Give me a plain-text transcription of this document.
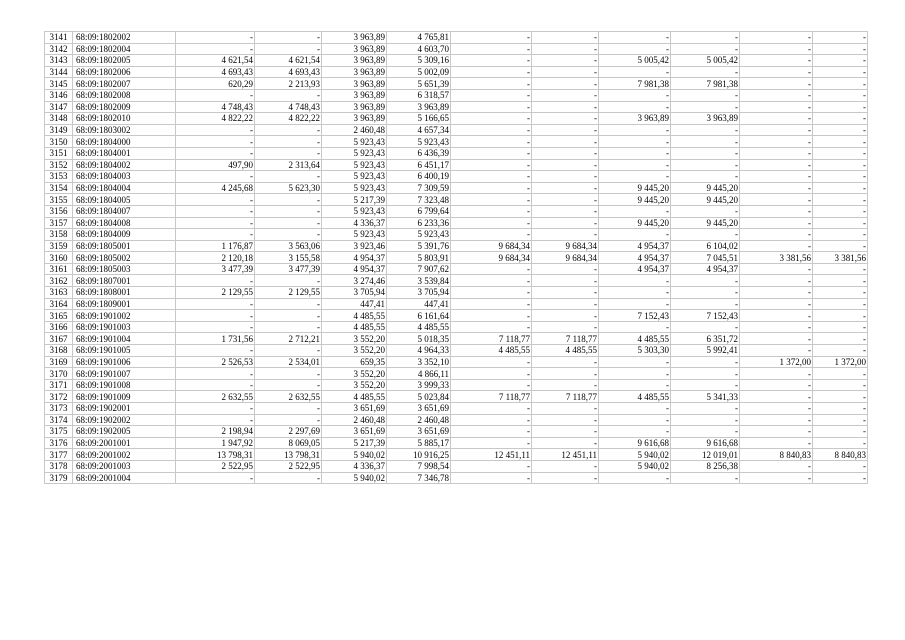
3141	68:09:1802002	-	-	3 963,89	4 765,81	-	-	-	-	-	-
3142	68:09:1802004	-	-	3 963,89	4 603,70	-	-	-	-	-	-
3143	68:09:1802005	4 621,54	4 621,54	3 963,89	5 309,16	-	-	5 005,42	5 005,42	-	-
3144	68:09:1802006	4 693,43	4 693,43	3 963,89	5 002,09	-	-	-	-	-	-
3145	68:09:1802007	620,29	2 213,93	3 963,89	5 651,39	-	-	7 981,38	7 981,38	-	-
3146	68:09:1802008	-	-	3 963,89	6 318,57	-	-	-	-	-	-
3147	68:09:1802009	4 748,43	4 748,43	3 963,89	3 963,89	-	-	-	-	-	-
3148	68:09:1802010	4 822,22	4 822,22	3 963,89	5 166,65	-	-	3 963,89	3 963,89	-	-
3149	68:09:1803002	-	-	2 460,48	4 657,34	-	-	-	-	-	-
3150	68:09:1804000	-	-	5 923,43	5 923,43	-	-	-	-	-	-
3151	68:09:1804001	-	-	5 923,43	6 436,39	-	-	-	-	-	-
3152	68:09:1804002	497,90	2 313,64	5 923,43	6 451,17	-	-	-	-	-	-
3153	68:09:1804003	-	-	5 923,43	6 400,19	-	-	-	-	-	-
3154	68:09:1804004	4 245,68	5 623,30	5 923,43	7 309,59	-	-	9 445,20	9 445,20	-	-
3155	68:09:1804005	-	-	5 217,39	7 323,48	-	-	9 445,20	9 445,20	-	-
3156	68:09:1804007	-	-	5 923,43	6 799,64	-	-	-	-	-	-
3157	68:09:1804008	-	-	4 336,37	6 233,36	-	-	9 445,20	9 445,20	-	-
3158	68:09:1804009	-	-	5 923,43	5 923,43	-	-	-	-	-	-
3159	68:09:1805001	1 176,87	3 563,06	3 923,46	5 391,76	9 684,34	9 684,34	4 954,37	6 104,02	-	-
3160	68:09:1805002	2 120,18	3 155,58	4 954,37	5 803,91	9 684,34	9 684,34	4 954,37	7 045,51	3 381,56	3 381,56
3161	68:09:1805003	3 477,39	3 477,39	4 954,37	7 907,62	-	-	4 954,37	4 954,37	-	-
3162	68:09:1807001	-	-	3 274,46	3 539,84	-	-	-	-	-	-
3163	68:09:1808001	2 129,55	2 129,55	3 705,94	3 705,94	-	-	-	-	-	-
3164	68:09:1809001	-	-	447,41	447,41	-	-	-	-	-	-
3165	68:09:1901002	-	-	4 485,55	6 161,64	-	-	7 152,43	7 152,43	-	-
3166	68:09:1901003	-	-	4 485,55	4 485,55	-	-	-	-	-	-
3167	68:09:1901004	1 731,56	2 712,21	3 552,20	5 018,35	7 118,77	7 118,77	4 485,55	6 351,72	-	-
3168	68:09:1901005	-	-	3 552,20	4 964,33	4 485,55	4 485,55	5 303,30	5 992,41	-	-
3169	68:09:1901006	2 526,53	2 534,01	659,35	3 352,10	-	-	-	-	1 372,00	1 372,00
3170	68:09:1901007	-	-	3 552,20	4 866,11	-	-	-	-	-	-
3171	68:09:1901008	-	-	3 552,20	3 999,33	-	-	-	-	-	-
3172	68:09:1901009	2 632,55	2 632,55	4 485,55	5 023,84	7 118,77	7 118,77	4 485,55	5 341,33	-	-
3173	68:09:1902001	-	-	3 651,69	3 651,69	-	-	-	-	-	-
3174	68:09:1902002	-	-	2 460,48	2 460,48	-	-	-	-	-	-
3175	68:09:1902005	2 198,94	2 297,69	3 651,69	3 651,69	-	-	-	-	-	-
3176	68:09:2001001	1 947,92	8 069,05	5 217,39	5 885,17	-	-	9 616,68	9 616,68	-	-
3177	68:09:2001002	13 798,31	13 798,31	5 940,02	10 916,25	12 451,11	12 451,11	5 940,02	12 019,01	8 840,83	8 840,83
3178	68:09:2001003	2 522,95	2 522,95	4 336,37	7 998,54	-	-	5 940,02	8 256,38	-	-
3179	68:09:2001004	-	-	5 940,02	7 346,78	-	-	-	-	-	-
